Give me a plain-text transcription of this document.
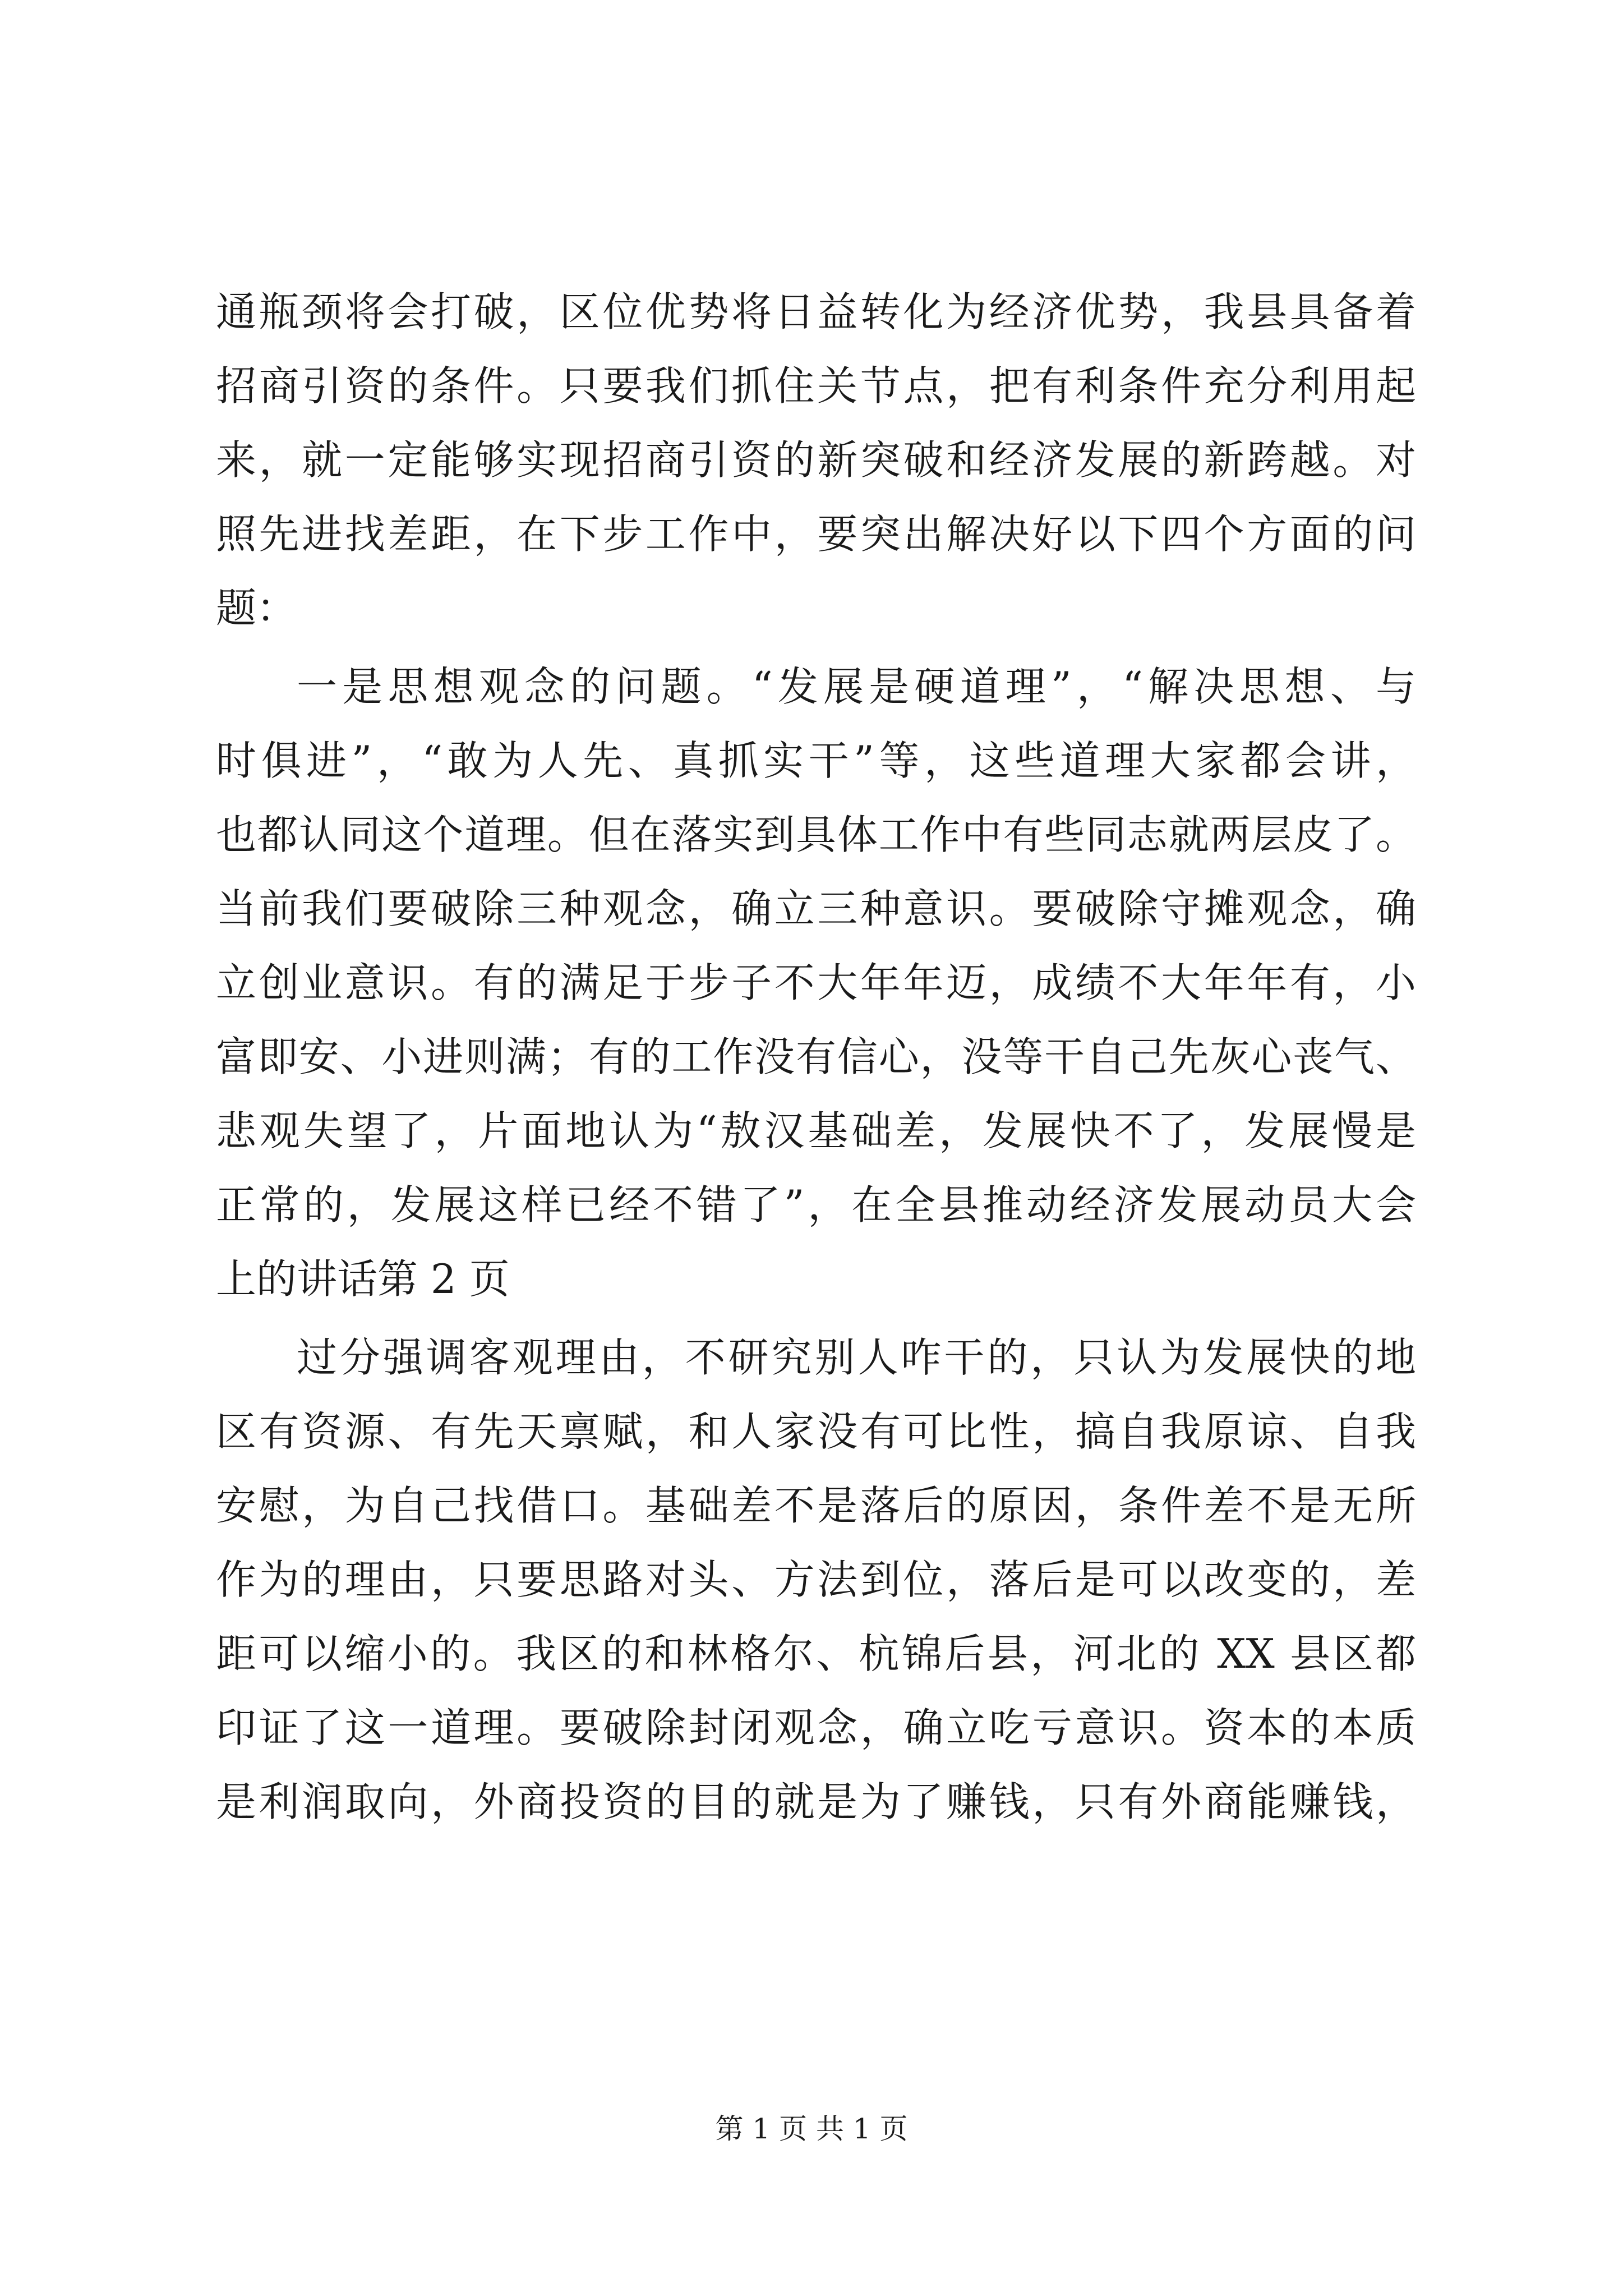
通瓶颈将会打破，区位优势将日益转化为经济优势，我县具备着
招商引资的条件。只要我们抓住关节点，把有利条件充分利用起
来，就一定能够实现招商引资的新突破和经济发展的新跨越。对
照先进找差距，在下步工作中，要突出解决好以下四个方面的问
题：
一是思想观念的问题。“发展是硬道理”，“解决思想、与
时俱进”，“敢为人先、真抓实干”等，这些道理大家都会讲，
也都认同这个道理。但在落实到具体工作中有些同志就两层皮了。
当前我们要破除三种观念，确立三种意识。要破除守摊观念，确
立创业意识。有的满足于步子不大年年迈，成绩不大年年有，小
富即安、小进则满；有的工作没有信心，没等干自己先灰心丧气、
悲观失望了，片面地认为“敖汉基础差，发展快不了，发展慢是
正常的，发展这样已经不错了”，在全县推动经济发展动员大会
上的讲话第 2 页
过分强调客观理由，不研究别人咋干的，只认为发展快的地
区有资源、有先天禀赋，和人家没有可比性，搞自我原谅、自我
安慰，为自己找借口。基础差不是落后的原因，条件差不是无所
作为的理由，只要思路对头、方法到位，落后是可以改变的，差
距可以缩小的。我区的和林格尔、杭锦后县，河北的 XX 县区都
印证了这一道理。要破除封闭观念，确立吃亏意识。资本的本质
是利润取向，外商投资的目的就是为了赚钱，只有外商能赚钱，
第 1 页 共 1 页
